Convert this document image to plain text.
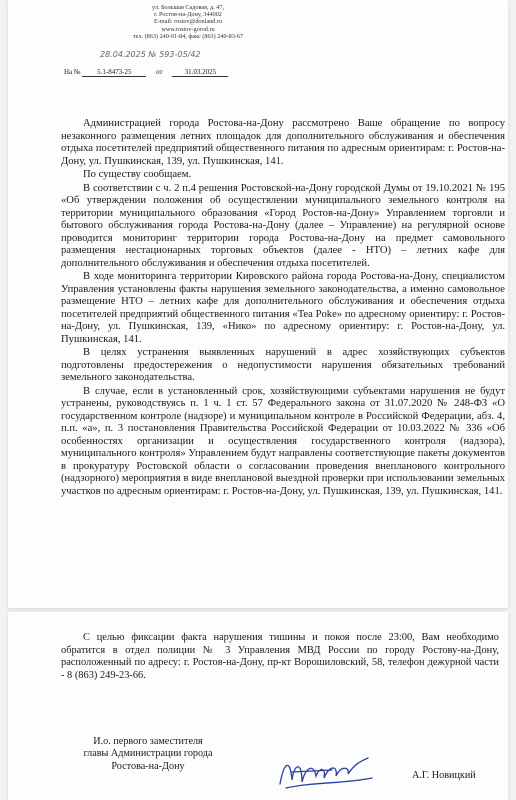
ул. Большая Садовая, д. 47,
г. Ростов-на-Дону, 344002
E-mail: rostov@donland.ru
www.rostov-gorod.ru
тел. (863) 240-91-84, факс (863) 240-83-67
28.04.2025 № 593-05/42
На № 5.1-8473-25	от	31.03.2025

Администрацией города Ростова-на-Дону рассмотрено Ваше обращение по вопросу незаконного размещения летних площадок для дополнительного обслуживания и обеспечения отдыха посетителей предприятий общественного питания по адресным ориентирам: г. Ростов-на-Дону, ул. Пушкинская, 139, ул. Пушкинская, 141.

По существу сообщаем.

В соответствии с ч. 2 п.4 решения Ростовской-на-Дону городской Думы от 19.10.2021 № 195 «Об утверждении положения об осуществлении муниципального земельного контроля на территории муниципального образования «Город Ростов-на-Дону» Управлением торговли и бытового обслуживания города Ростова-на-Дону (далее – Управление) на регулярной основе проводится мониторинг территории города Ростова-на-Дону на предмет самовольного размещения нестационарных торговых объектов (далее - НТО) – летних кафе для дополнительного обслуживания и обеспечения отдыха посетителей.

В ходе мониторинга территории Кировского района города Ростова-на-Дону, специалистом Управления установлены факты нарушения земельного законодательства, а именно самовольное размещение НТО – летних кафе для дополнительного обслуживания и обеспечения отдыха посетителей предприятий общественного питания «Tea Poke» по адресному ориентиру: г. Ростов-на-Дону, ул. Пушкинская, 139, «Нико» по адресному ориентиру: г. Ростов-на-Дону, ул. Пушкинская, 141.

В целях устранения выявленных нарушений в адрес хозяйствующих субъектов подготовлены предостережения о недопустимости нарушения обязательных требований земельного законодательства.

В случае, если в установленный срок, хозяйствующими субъектами нарушения не будут устранены, руководствуясь п. 1 ч. 1 ст. 57 Федерального закона от 31.07.2020 № 248-ФЗ «О государственном контроле (надзоре) и муниципальном контроле в Российской Федерации, абз. 4, п.п. «а», п. 3 постановления Правительства Российской Федерации от 10.03.2022 № 336 «Об особенностях организации и осуществления государственного контроля (надзора), муниципального контроля» Управлением будут направлены соответствующие пакеты документов в прокуратуру Ростовской области о согласовании проведения внепланового контрольного (надзорного) мероприятия в виде внеплановой выездной проверки при использовании земельных участков по адресным ориентирам: г. Ростов-на-Дону, ул. Пушкинская, 139, ул. Пушкинская, 141.

С целью фиксации факта нарушения тишины и покоя после 23:00, Вам необходимо обратится в отдел полиции № 3 Управления МВД России по городу Ростову-на-Дону, расположенный по адресу: г. Ростов-на-Дону, пр-кт Ворошиловский, 58, телефон дежурной части - 8 (863) 249-23-66.

И.о. первого заместителя
главы Администрации города
Ростова-на-Дону
А.Г. Новицкий
